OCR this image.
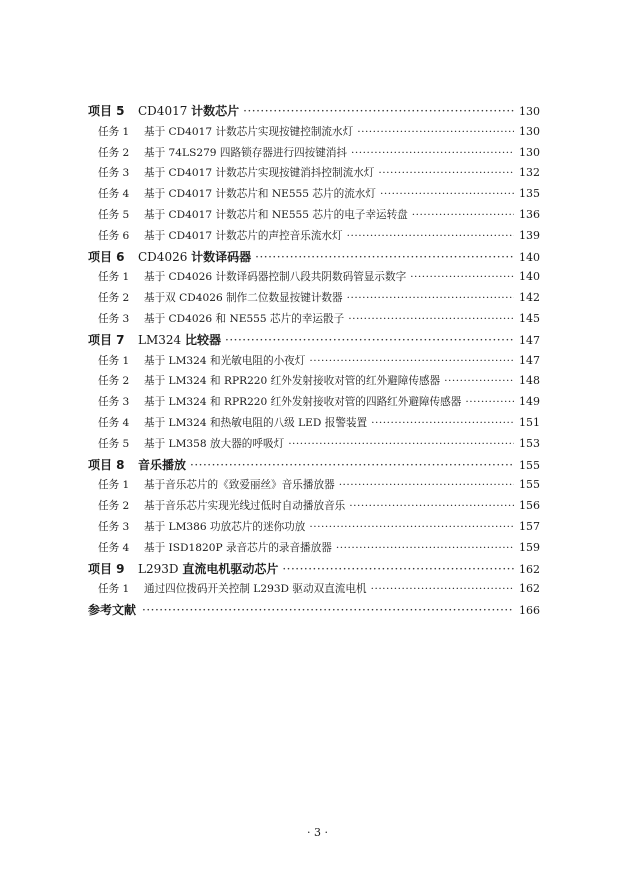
项目 5	CD4017 计数芯片 ·····	130
任务 1	基于 CD4017 计数芯片实现按键控制流水灯 ·····	130
任务 2	基于 74LS279 四路锁存器进行四按键消抖 ·····	130
任务 3	基于 CD4017 计数芯片实现按键消抖控制流水灯 ·····	132
任务 4	基于 CD4017 计数芯片和 NE555 芯片的流水灯 ·····	135
任务 5	基于 CD4017 计数芯片和 NE555 芯片的电子幸运转盘 ·····	136
任务 6	基于 CD4017 计数芯片的声控音乐流水灯 ·····	139
项目 6	CD4026 计数译码器 ·····	140
任务 1	基于 CD4026 计数译码器控制八段共阴数码管显示数字 ·····	140
任务 2	基于双 CD4026 制作二位数显按键计数器 ·····	142
任务 3	基于 CD4026 和 NE555 芯片的幸运骰子 ·····	145
项目 7	LM324 比较器 ·····	147
任务 1	基于 LM324 和光敏电阻的小夜灯 ·····	147
任务 2	基于 LM324 和 RPR220 红外发射接收对管的红外避障传感器 ·····	148
任务 3	基于 LM324 和 RPR220 红外发射接收对管的四路红外避障传感器 ·····	149
任务 4	基于 LM324 和热敏电阻的八级 LED 报警装置 ·····	151
任务 5	基于 LM358 放大器的呼吸灯 ·····	153
项目 8	音乐播放 ·····	155
任务 1	基于音乐芯片的《致爱丽丝》音乐播放器 ·····	155
任务 2	基于音乐芯片实现光线过低时自动播放音乐 ·····	156
任务 3	基于 LM386 功放芯片的迷你功放 ·····	157
任务 4	基于 ISD1820P 录音芯片的录音播放器 ·····	159
项目 9	L293D 直流电机驱动芯片 ·····	162
任务 1	通过四位拨码开关控制 L293D 驱动双直流电机 ·····	162
参考文献 ·····	166
· 3 ·
